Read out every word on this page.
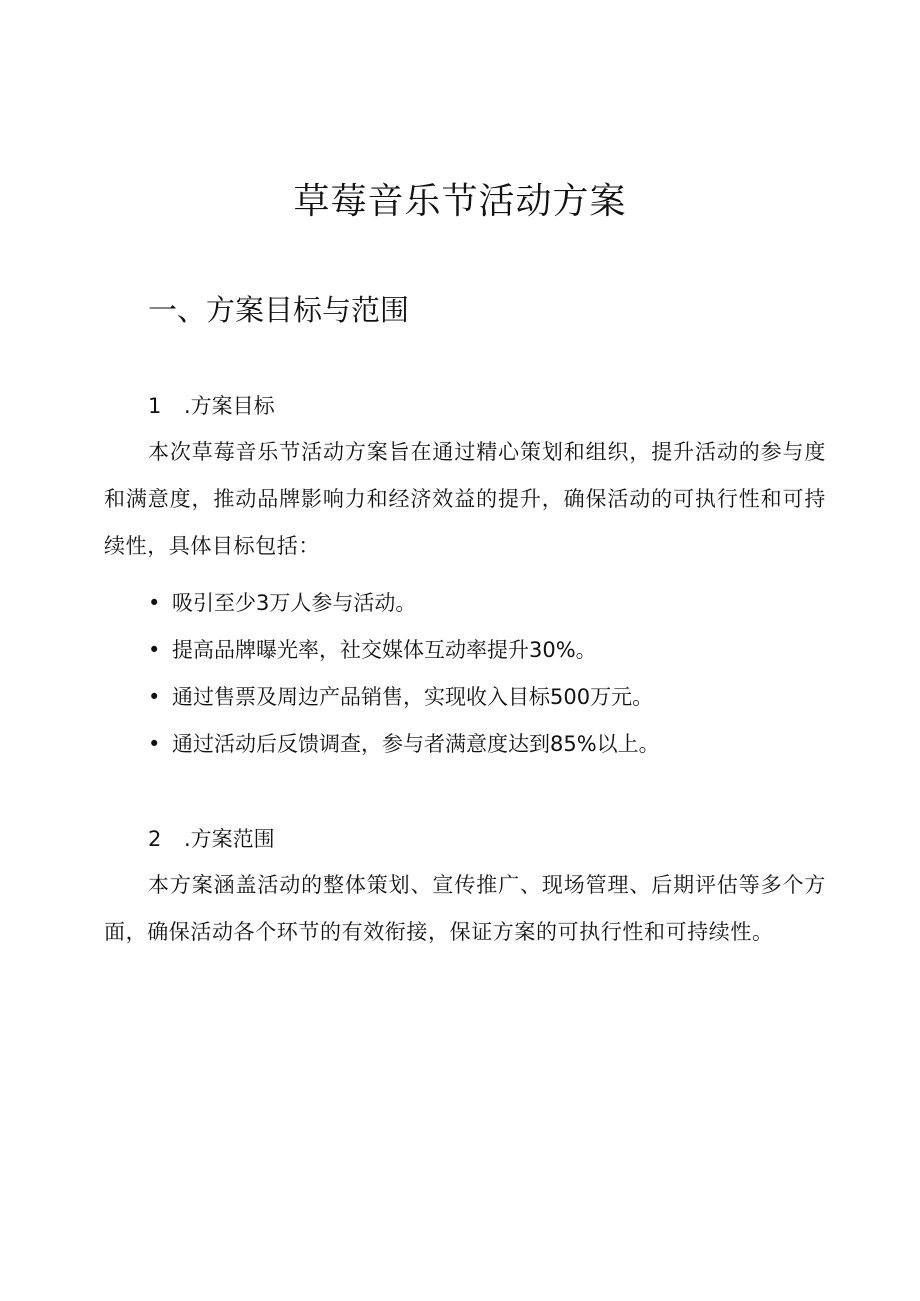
草莓音乐节活动方案
一、方案目标与范围
1 .方案目标

本次草莓音乐节活动方案旨在通过精心策划和组织，提升活动的参与度和满意度，推动品牌影响力和经济效益的提升，确保活动的可执行性和可持续性，具体目标包括：

• 吸引至少3万人参与活动。
• 提高品牌曝光率，社交媒体互动率提升30%。
• 通过售票及周边产品销售，实现收入目标500万元。
• 通过活动后反馈调查，参与者满意度达到85%以上。
2 .方案范围

本方案涵盖活动的整体策划、宣传推广、现场管理、后期评估等多个方面，确保活动各个环节的有效衔接，保证方案的可执行性和可持续性。
